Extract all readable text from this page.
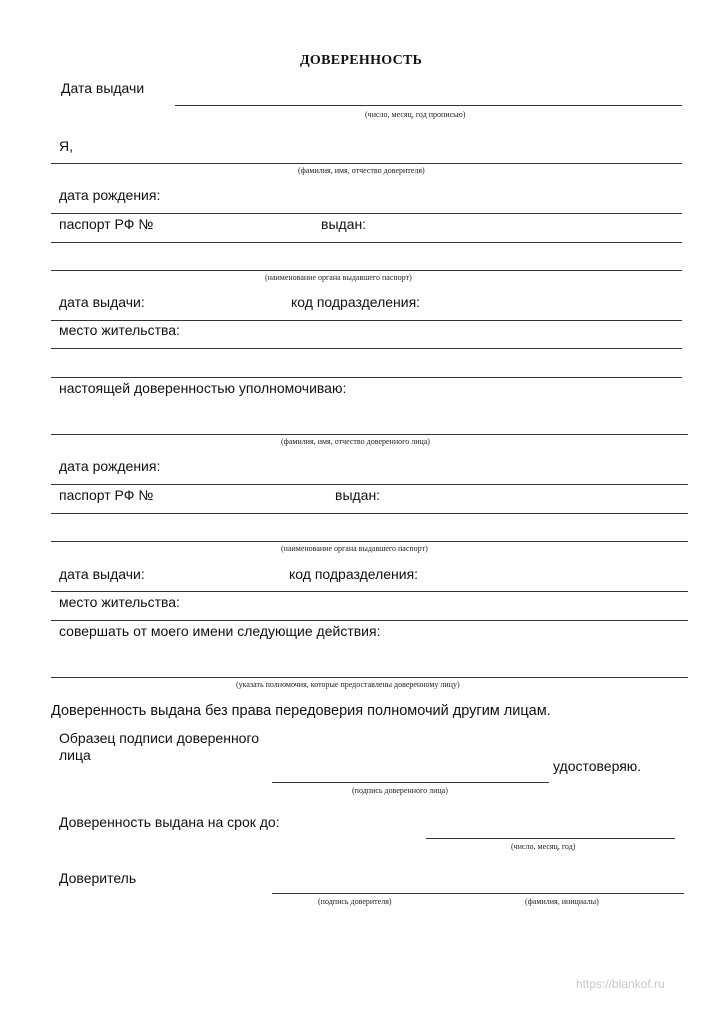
ДОВЕРЕННОСТЬ
Дата выдачи
(число, месяц, год прописью)
Я,
(фамилия, имя, отчество доверителя)
дата рождения:
паспорт РФ №	выдан:
(наименование органа выдавшего паспорт)
дата выдачи:	код подразделения:
место жительства:
настоящей доверенностью уполномочиваю:
(фамилия, имя, отчество доверенного лица)
дата рождения:
паспорт РФ №	выдан:
(наименование органа выдавшего паспорт)
дата выдачи:	код подразделения:
место жительства:
совершать от моего имени следующие действия:
(указать полномочия, которые предоставлены доверенному лицу)
Доверенность выдана без права передоверия полномочий другим лицам.
Образец подписи доверенного
лица
удостоверяю.
(подпись доверенного лица)
Доверенность выдана на срок до:
(число, месяц, год)
Доверитель
(подпись доверителя)	(фамилия, инициалы)
https://blankof.ru
